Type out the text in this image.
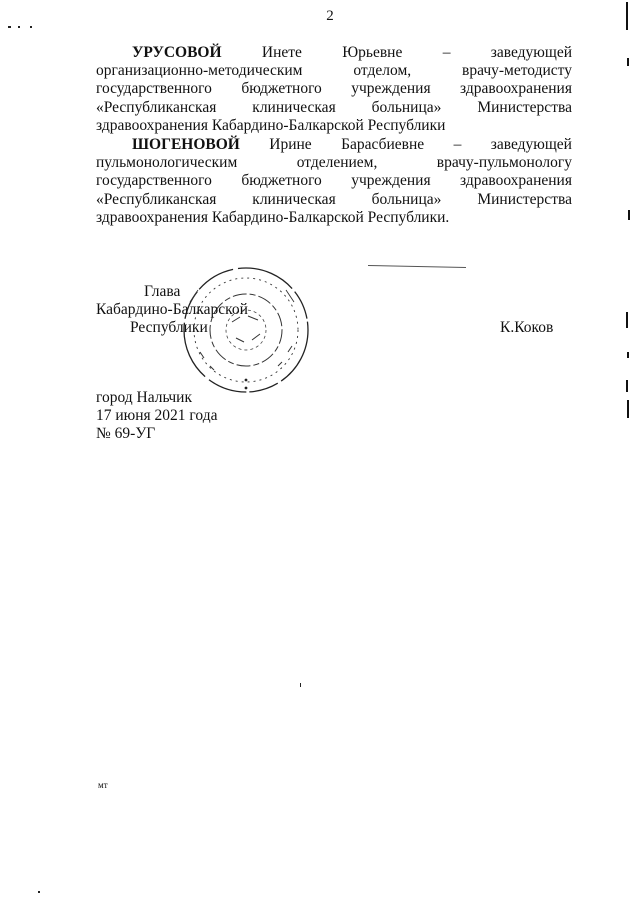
2
УРУСОВОЙ	Инете	Юрьевне	–	заведующей
организационно-методическим	отделом,	врачу-методисту
государственного бюджетного учреждения здравоохранения
«Республиканская клиническая больница» Министерства
здравоохранения Кабардино-Балкарской Республики
ШОГЕНОВОЙ Ирине Барасбиевне – заведующей
пульмонологическим	отделением,	врачу-пульмонологу
государственного бюджетного учреждения здравоохранения
«Республиканская клиническая больница» Министерства
здравоохранения Кабардино-Балкарской Республики.
Глава
Кабардино-Балкарской
Республики	К.Коков
город Нальчик
17 июня 2021 года
№ 69-УГ
мт
